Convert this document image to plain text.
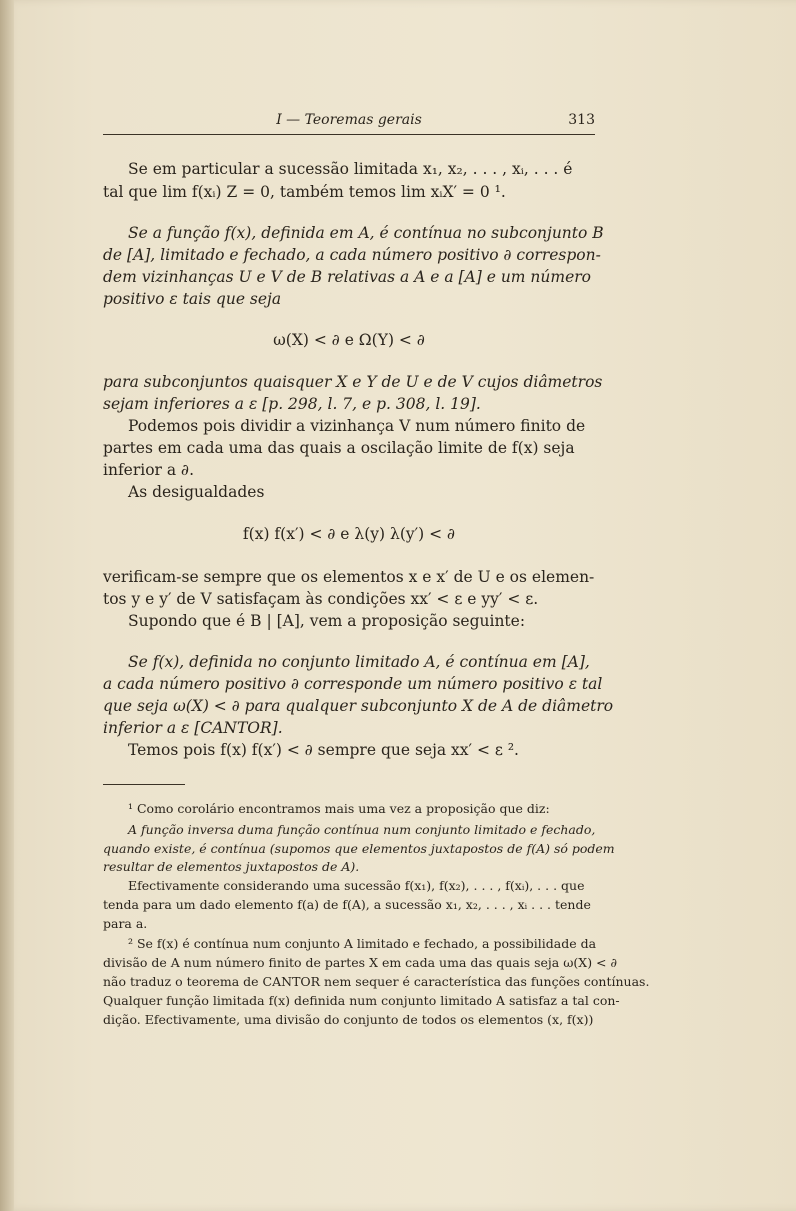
I — Teoremas gerais	313
Se em particular a sucessão limitada x₁, x₂, . . . , xᵢ, . . . é
tal que lim f(xᵢ) Z = 0, também temos lim xᵢX′ = 0 ¹.
Se a função f(x), definida em A, é contínua no subconjunto B
de [A], limitado e fechado, a cada número positivo ∂ correspon-
dem vizinhanças U e V de B relativas a A e a [A] e um número
positivo ε tais que seja
ω(X) < ∂ e Ω(Y) < ∂
para subconjuntos quaisquer X e Y de U e de V cujos diâmetros
sejam inferiores a ε [p. 298, l. 7, e p. 308, l. 19].
Podemos pois dividir a vizinhança V num número finito de
partes em cada uma das quais a oscilação limite de f(x) seja
inferior a ∂.
As desigualdades
f(x) f(x′) < ∂ e λ(y) λ(y′) < ∂
verificam-se sempre que os elementos x e x′ de U e os elemen-
tos y e y′ de V satisfaçam às condições xx′ < ε e yy′ < ε.
Supondo que é B | [A], vem a proposição seguinte:
Se f(x), definida no conjunto limitado A, é contínua em [A],
a cada número positivo ∂ corresponde um número positivo ε tal
que seja ω(X) < ∂ para qualquer subconjunto X de A de diâmetro
inferior a ε [CANTOR].
Temos pois f(x) f(x′) < ∂ sempre que seja xx′ < ε ².
¹ Como corolário encontramos mais uma vez a proposição que diz:
A função inversa duma função contínua num conjunto limitado e fechado,
quando existe, é contínua (supomos que elementos juxtapostos de f(A) só podem
resultar de elementos juxtapostos de A).
Efectivamente considerando uma sucessão f(x₁), f(x₂), . . . , f(xᵢ), . . . que
tenda para um dado elemento f(a) de f(A), a sucessão x₁, x₂, . . . , xᵢ . . . tende
para a.
² Se f(x) é contínua num conjunto A limitado e fechado, a possibilidade da
divisão de A num número finito de partes X em cada uma das quais seja ω(X) < ∂
não traduz o teorema de CANTOR nem sequer é característica das funções contínuas.
Qualquer função limitada f(x) definida num conjunto limitado A satisfaz a tal con-
dição. Efectivamente, uma divisão do conjunto de todos os elementos (x, f(x))
